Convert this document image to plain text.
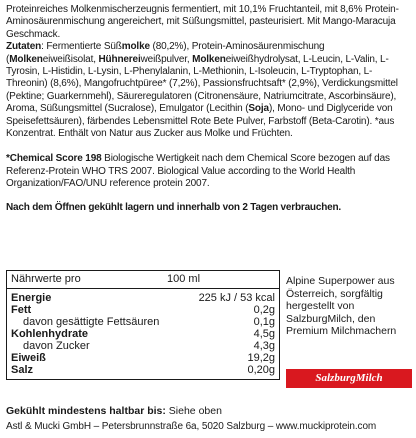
Proteinreiches Molkenmischerzeugnis fermentiert, mit 10,1% Fruchtanteil, mit 8,6% Protein-Aminosäurenmischung angereichert, mit Süßungsmittel, pasteurisiert. Mit Mango-Maracuja Geschmack.

Zutaten: Fermentierte Süßmolke (80,2%), Protein-Aminosäurenmischung (Molkeneiweißisolat, Hühnereiweißpulver, Molkeneiweißhydrolysat, L-Leucin, L-Valin, L-Tyrosin, L-Histidin, L-Lysin, L-Phenylalanin, L-Methionin, L-Isoleucin, L-Tryptophan, L-Threonin) (8,6%), Mangofruchtpüree* (7,2%), Passionsfruchtsaft* (2,9%), Verdickungsmittel (Pektine; Guarkernmehl), Säureregulatoren (Citronensäure, Natriumcitrate, Ascorbinsäure), Aroma, Süßungsmittel (Sucralose), Emulgator (Lecithin (Soja), Mono- und Diglyceride von Speisefettsäuren), färbendes Lebensmittel Rote Bete Pulver, Farbstoff (Beta-Carotin). *aus Konzentrat. Enthält von Natur aus Zucker aus Molke und Früchten.

*Chemical Score 198 Biologische Wertigkeit nach dem Chemical Score bezogen auf das Referenz-Protein WHO TRS 2007. Biological Value according to the World Health Organization/FAO/UNU reference protein 2007.

Nach dem Öffnen gekühlt lagern und innerhalb von 2 Tagen verbrauchen.

Nährwerte pro	100 ml
Energie	225 kJ / 53 kcal
Fett	0,2g
davon gesättigte Fettsäuren	0,1g
Kohlenhydrate	4,5g
davon Zucker	4,3g
Eiweiß	19,2g
Salz	0,20g

Alpine Superpower aus Österreich, sorgfältig hergestellt von SalzburgMilch, den Premium Milchmachern

SalzburgMilch

Gekühlt mindestens haltbar bis: Siehe oben

Astl & Mucki GmbH – Petersbrunnstraße 6a, 5020 Salzburg – www.muckiprotein.com
